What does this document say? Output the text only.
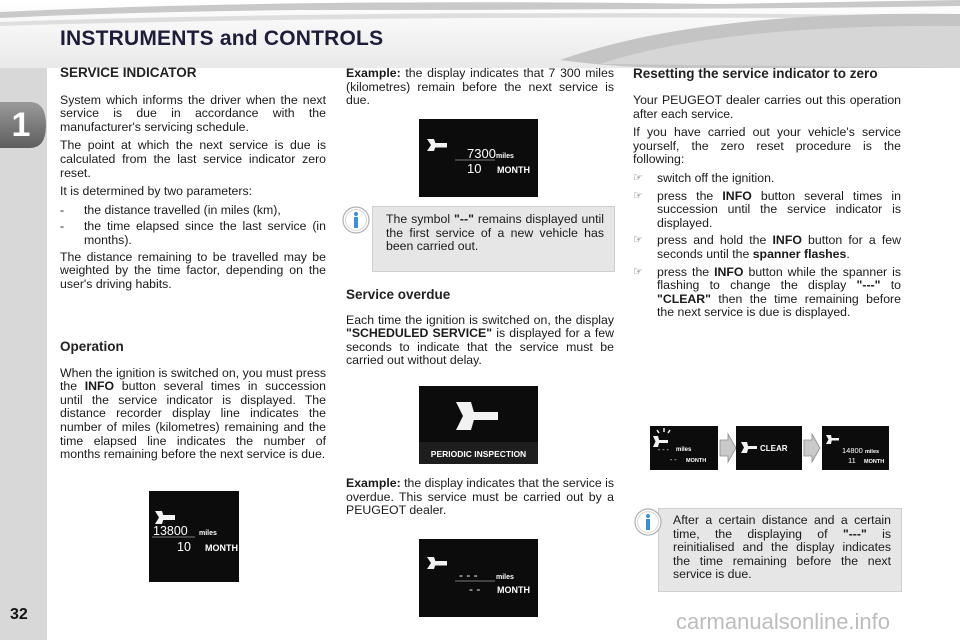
INSTRUMENTS and CONTROLS
1
32
SERVICE INDICATOR

System which informs the driver when the next service is due in accordance with the manufacturer's servicing schedule.

The point at which the next service is due is calculated from the last service indicator zero reset.

It is determined by two parameters:

-	the distance travelled (in miles (km),
-	the time elapsed since the last service (in months).

The distance remaining to be travelled may be weighted by the time factor, depending on the user's driving habits.

Operation

When the ignition is switched on, you must press the INFO button several times in succession until the service indicator is displayed. The distance recorder display line indicates the number of miles (kilometres) remaining and the time elapsed line indicates the number of months remaining before the next service is due.

13800 miles
10 MONTH

Example: the display indicates that 7 300 miles (kilometres) remain before the next service is due.

7300 miles
10 MONTH
The symbol "--" remains displayed until the first service of a new vehicle has been carried out.
Service overdue

Each time the ignition is switched on, the display "SCHEDULED SERVICE" is displayed for a few seconds to indicate that the service must be carried out without delay.

PERIODIC INSPECTION

Example: the display indicates that the service is overdue. This service must be carried out by a PEUGEOT dealer.

- - -	miles
- - MONTH
Resetting the service indicator to zero

Your PEUGEOT dealer carries out this operation after each service.

If you have carried out your vehicle's service yourself, the zero reset procedure is the following:

☞	switch off the ignition.
☞	press the INFO button several times in succession until the service indicator is displayed.
☞	press and hold the INFO button for a few seconds until the spanner flashes.
☞	press the INFO button while the spanner is flashing to change the display "---" to "CLEAR" then the time remaining before the next service is due is displayed.
miles
- - -
MONTH
- -
CLEAR	14800 miles
11 MONTH
After a certain distance and a certain time, the displaying of "---" is reinitialised and the display indicates the time remaining before the next service is due.
carmanualsonline.info
